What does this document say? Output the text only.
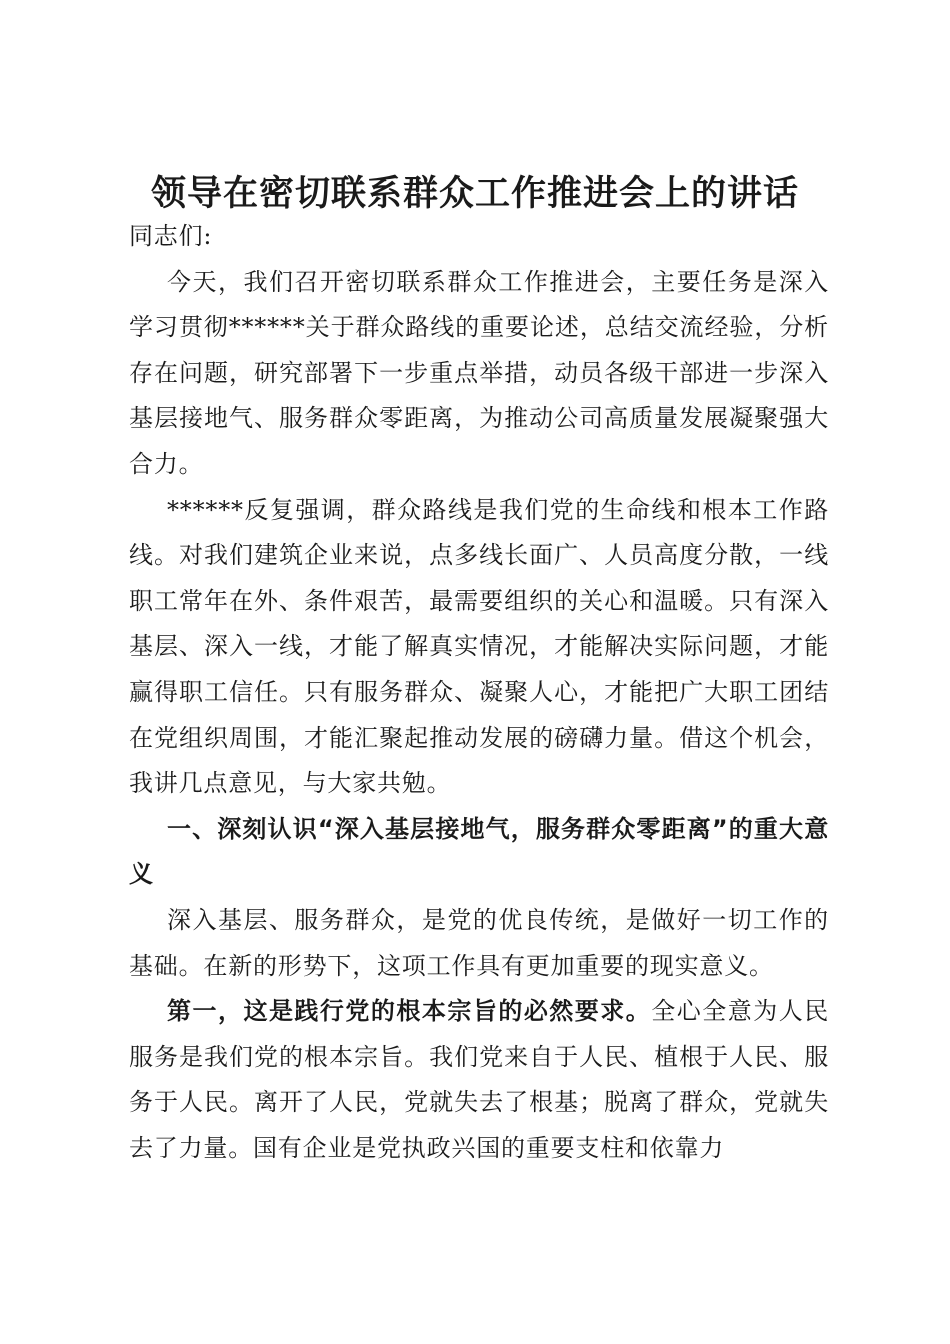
领导在密切联系群众工作推进会上的讲话

同志们:

今天，我们召开密切联系群众工作推进会，主要任务是深入学习贯彻******关于群众路线的重要论述，总结交流经验，分析存在问题，研究部署下一步重点举措，动员各级干部进一步深入基层接地气、服务群众零距离，为推动公司高质量发展凝聚强大合力。

******反复强调，群众路线是我们党的生命线和根本工作路线。对我们建筑企业来说，点多线长面广、人员高度分散，一线职工常年在外、条件艰苦，最需要组织的关心和温暖。只有深入基层、深入一线，才能了解真实情况，才能解决实际问题，才能赢得职工信任。只有服务群众、凝聚人心，才能把广大职工团结在党组织周围，才能汇聚起推动发展的磅礴力量。借这个机会，我讲几点意见，与大家共勉。

一、深刻认识“深入基层接地气，服务群众零距离”的重大意义

深入基层、服务群众，是党的优良传统，是做好一切工作的基础。在新的形势下，这项工作具有更加重要的现实意义。

第一，这是践行党的根本宗旨的必然要求。全心全意为人民服务是我们党的根本宗旨。我们党来自于人民、植根于人民、服务于人民。离开了人民，党就失去了根基；脱离了群众，党就失去了力量。国有企业是党执政兴国的重要支柱和依靠力
